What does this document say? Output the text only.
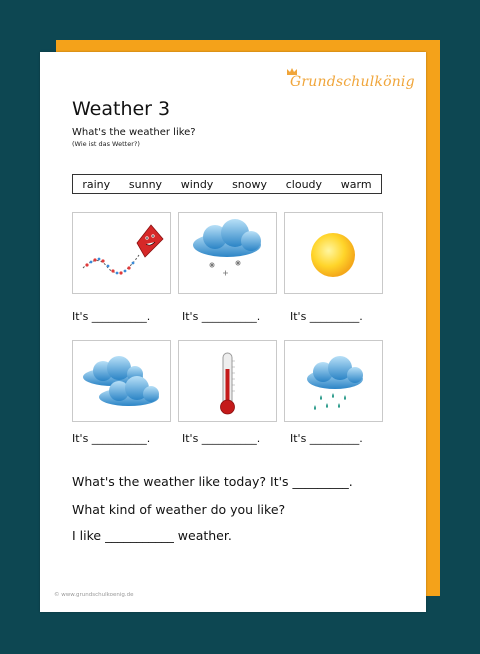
Grundschulkönig
Weather 3
What's the weather like?
(Wie ist das Wetter?)
rainy sunny windy snowy cloudy warm
It's __________.	It's __________.	It's _________.
It's __________.	It's __________.	It's _________.
What's the weather like today? It's _________.
What kind of weather do you like?
I like ___________ weather.
© www.grundschulkoenig.de
